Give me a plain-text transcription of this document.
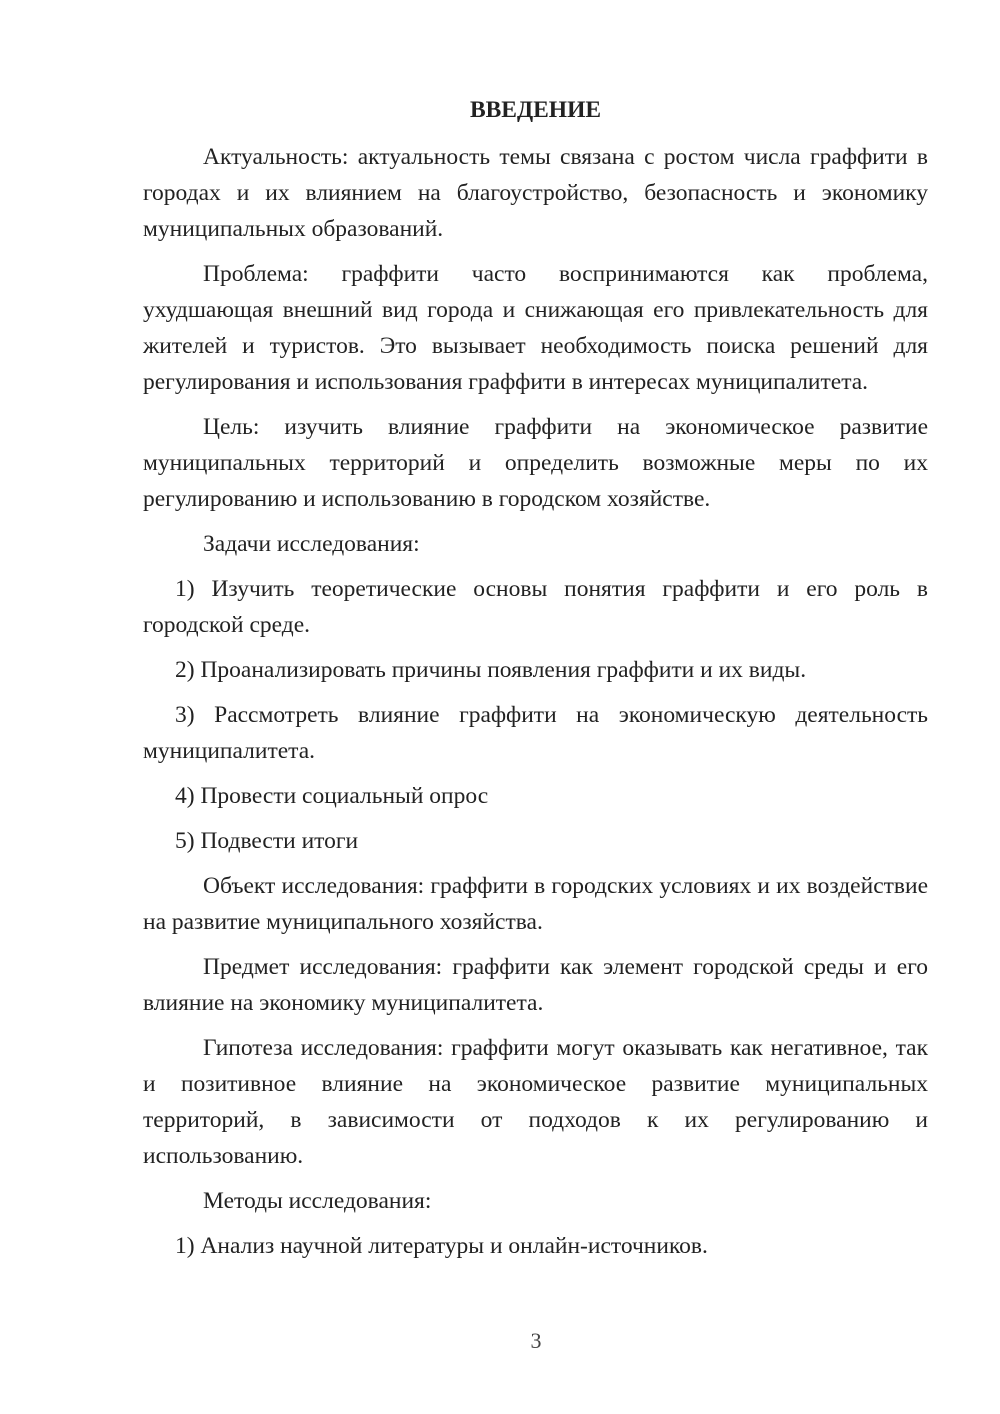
ВВЕДЕНИЕ

Актуальность: актуальность темы связана с ростом числа граффити в городах и их влиянием на благоустройство, безопасность и экономику муниципальных образований.

Проблема: граффити часто воспринимаются как проблема, ухудшающая внешний вид города и снижающая его привлекательность для жителей и туристов. Это вызывает необходимость поиска решений для регулирования и использования граффити в интересах муниципалитета.

Цель: изучить влияние граффити на экономическое развитие муниципальных территорий и определить возможные меры по их регулированию и использованию в городском хозяйстве.

Задачи исследования:

1) Изучить теоретические основы понятия граффити и его роль в городской среде.

2) Проанализировать причины появления граффити и их виды.

3) Рассмотреть влияние граффити на экономическую деятельность муниципалитета.

4) Провести социальный опрос

5) Подвести итоги

Объект исследования: граффити в городских условиях и их воздействие на развитие муниципального хозяйства.

Предмет исследования: граффити как элемент городской среды и его влияние на экономику муниципалитета.

Гипотеза исследования: граффити могут оказывать как негативное, так и позитивное влияние на экономическое развитие муниципальных территорий, в зависимости от подходов к их регулированию и использованию.

Методы исследования:

1) Анализ научной литературы и онлайн-источников.

3
